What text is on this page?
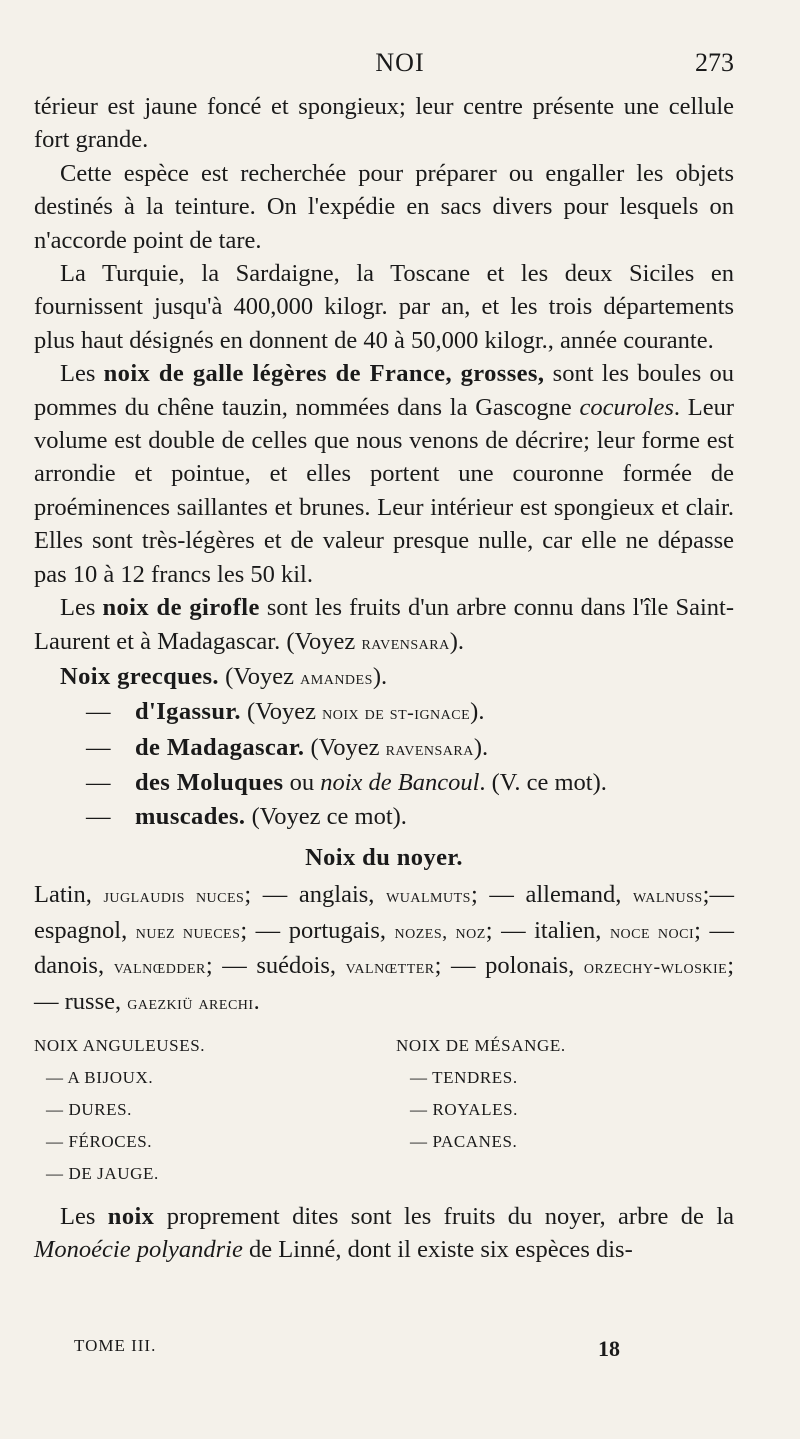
NOI	273

térieur est jaune foncé et spongieux; leur centre présente une cellule fort grande.

Cette espèce est recherchée pour préparer ou engaller les objets destinés à la teinture. On l'expédie en sacs divers pour lesquels on n'accorde point de tare.

La Turquie, la Sardaigne, la Toscane et les deux Siciles en fournissent jusqu'à 400,000 kilogr. par an, et les trois départements plus haut désignés en donnent de 40 à 50,000 kilogr., année courante.

Les noix de galle légères de France, grosses, sont les boules ou pommes du chêne tauzin, nommées dans la Gascogne cocuroles. Leur volume est double de celles que nous venons de décrire; leur forme est arrondie et pointue, et elles portent une couronne formée de proéminences saillantes et brunes. Leur intérieur est spongieux et clair. Elles sont très-légères et de valeur presque nulle, car elle ne dépasse pas 10 à 12 francs les 50 kil.

Les noix de girofle sont les fruits d'un arbre connu dans l'île Saint-Laurent et à Madagascar. (Voyez ravensara).

Noix grecques. (Voyez amandes).

— d'Igassur. (Voyez noix de st-ignace).

— de Madagascar. (Voyez ravensara).

— des Moluques ou noix de Bancoul. (V. ce mot).

— muscades. (Voyez ce mot).

Noix du noyer.

Latin, juglaudis nuces; — anglais, wualmuts; — allemand, walnuss;—espagnol, nuez nueces; — portugais, nozes, noz; — italien, noce noci; — danois, valnœdder; — suédois, valnœtter; — polonais, orzechy-wloskie; — russe, gaezkiü arechi.

NOIX ANGULEUSES.
— A BIJOUX.
— DURES.
— FÉROCES.
— DE JAUGE.
NOIX DE MÉSANGE.
— TENDRES.
— ROYALES.
— PACANES.

Les noix proprement dites sont les fruits du noyer, arbre de la Monoécie polyandrie de Linné, dont il existe six espèces dis-

TOME III.	18
